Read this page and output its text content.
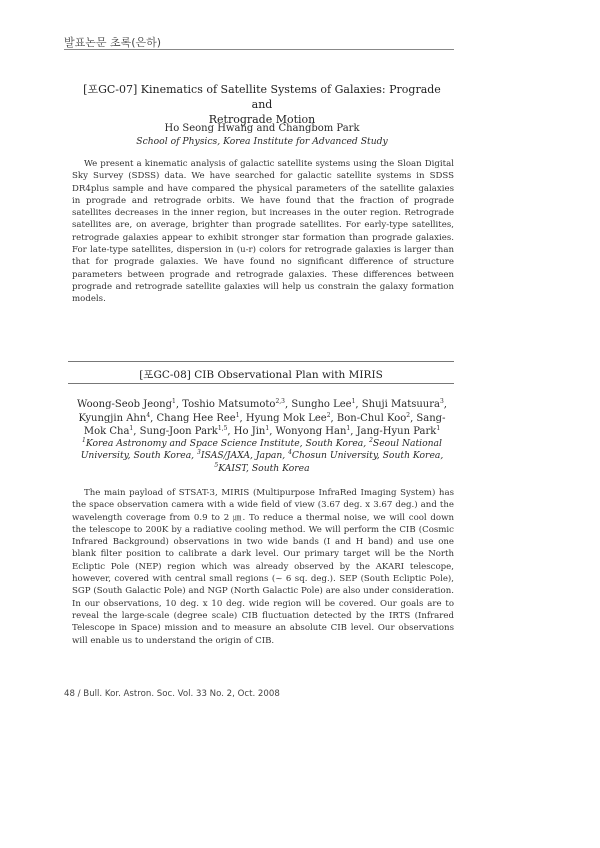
발표논문 초록(은하)
[포GC-07] Kinematics of Satellite Systems of Galaxies: Prograde and
Retrograde Motion
Ho Seong Hwang and Changbom Park
School of Physics, Korea Institute for Advanced Study

We present a kinematic analysis of galactic satellite systems using the Sloan Digital Sky Survey (SDSS) data. We have searched for galactic satellite systems in SDSS DR4plus sample and have compared the physical parameters of the satellite galaxies in prograde and retrograde orbits. We have found that the fraction of prograde satellites decreases in the inner region, but increases in the outer region. Retrograde satellites are, on average, brighter than prograde satellites. For early-type satellites, retrograde galaxies appear to exhibit stronger star formation than prograde galaxies. For late-type satellites, dispersion in (u-r) colors for retrograde galaxies is larger than that for prograde galaxies. We have found no significant difference of structure parameters between prograde and retrograde galaxies. These differences between prograde and retrograde satellite galaxies will help us constrain the galaxy formation models.

[포GC-08] CIB Observational Plan with MIRIS
Woong-Seob Jeong$^1$, Toshio Matsumoto$^{2,3}$, Sungho Lee$^1$, Shuji Matsuura$^3$, Kyungjin Ahn$^4$, Chang Hee Ree$^1$, Hyung Mok Lee$^2$, Bon-Chul Koo$^2$, Sang-Mok Cha$^1$, Sung-Joon Park$^{1,5}$, Ho Jin$^1$, Wonyong Han$^1$, Jang-Hyun Park$^1$
$^1$Korea Astronomy and Space Science Institute, South Korea, $^2$Seoul National University, South Korea, $^3$ISAS/JAXA, Japan, $^4$Chosun University, South Korea,
$^5$KAIST, South Korea

The main payload of STSAT-3, MIRIS (Multipurpose InfraRed Imaging System) has the space observation camera with a wide field of view (3.67 deg. x 3.67 deg.) and the wavelength coverage from 0.9 to 2 ㎛. To reduce a thermal noise, we will cool down the telescope to 200K by a radiative cooling method. We will perform the CIB (Cosmic Infrared Background) observations in two wide bands (I and H band) and use one blank filter position to calibrate a dark level. Our primary target will be the North Ecliptic Pole (NEP) region which was already observed by the AKARI telescope, however, covered with central small regions (~ 6 sq. deg.). SEP (South Ecliptic Pole), SGP (South Galactic Pole) and NGP (North Galactic Pole) are also under consideration. In our observations, 10 deg. x 10 deg. wide region will be covered. Our goals are to reveal the large-scale (degree scale) CIB fluctuation detected by the IRTS (Infrared Telescope in Space) mission and to measure an absolute CIB level. Our observations will enable us to understand the origin of CIB.

48 / Bull. Kor. Astron. Soc. Vol. 33 No. 2, Oct. 2008
